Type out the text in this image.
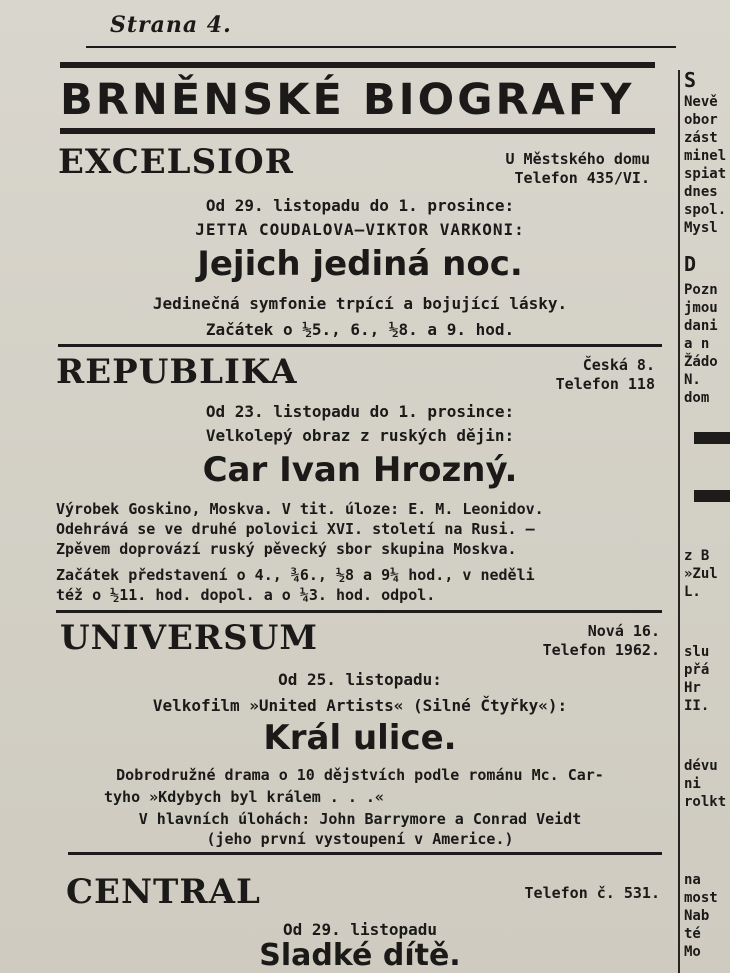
Strana 4.
BRNĚNSKÉ BIOGRAFY
EXCELSIOR	U Městského domu
Telefon 435/VI.
Od 29. listopadu do 1. prosince:
JETTA COUDALOVA—VIKTOR VARKONI:
Jejich jediná noc.
Jedinečná symfonie trpící a bojující lásky.
Začátek o ½5., 6., ½8. a 9. hod.
REPUBLIKA	Česká 8.
Telefon 118
Od 23. listopadu do 1. prosince:
Velkolepý obraz z ruských dějin:
Car Ivan Hrozný.
Výrobek Goskino, Moskva. V tit. úloze: E. M. Leonidov.
Odehrává se ve druhé polovici XVI. století na Rusi. —
Zpěvem doprovází ruský pěvecký sbor skupina Moskva.
Začátek představení o 4., ¾6., ½8 a 9¼ hod., v neděli
též o ½11. hod. dopol. a o ¼3. hod. odpol.
UNIVERSUM	Nová 16.
Telefon 1962.
Od 25. listopadu:
Velkofilm »United Artists« (Silné Čtyřky«):
Král ulice.
Dobrodružné drama o 10 dějstvích podle románu Mc. Car-
tyho »Kdybych byl králem . . .«
V hlavních úlohách: John Barrymore a Conrad Veidt
(jeho první vystoupení v Americe.)
CENTRAL	Telefon č. 531.
Od 29. listopadu
Sladké dítě.
S
Nevě
obor
zást
minel
spiat
dnes
spol.
Mysl
D
Pozn
jmou
dani
a n
Žádo
N.
dom
z B
»Zul
L.
slu
přá
Hr
II.
dévu
ni
rolkt
na
most
Nab
té
Mo
